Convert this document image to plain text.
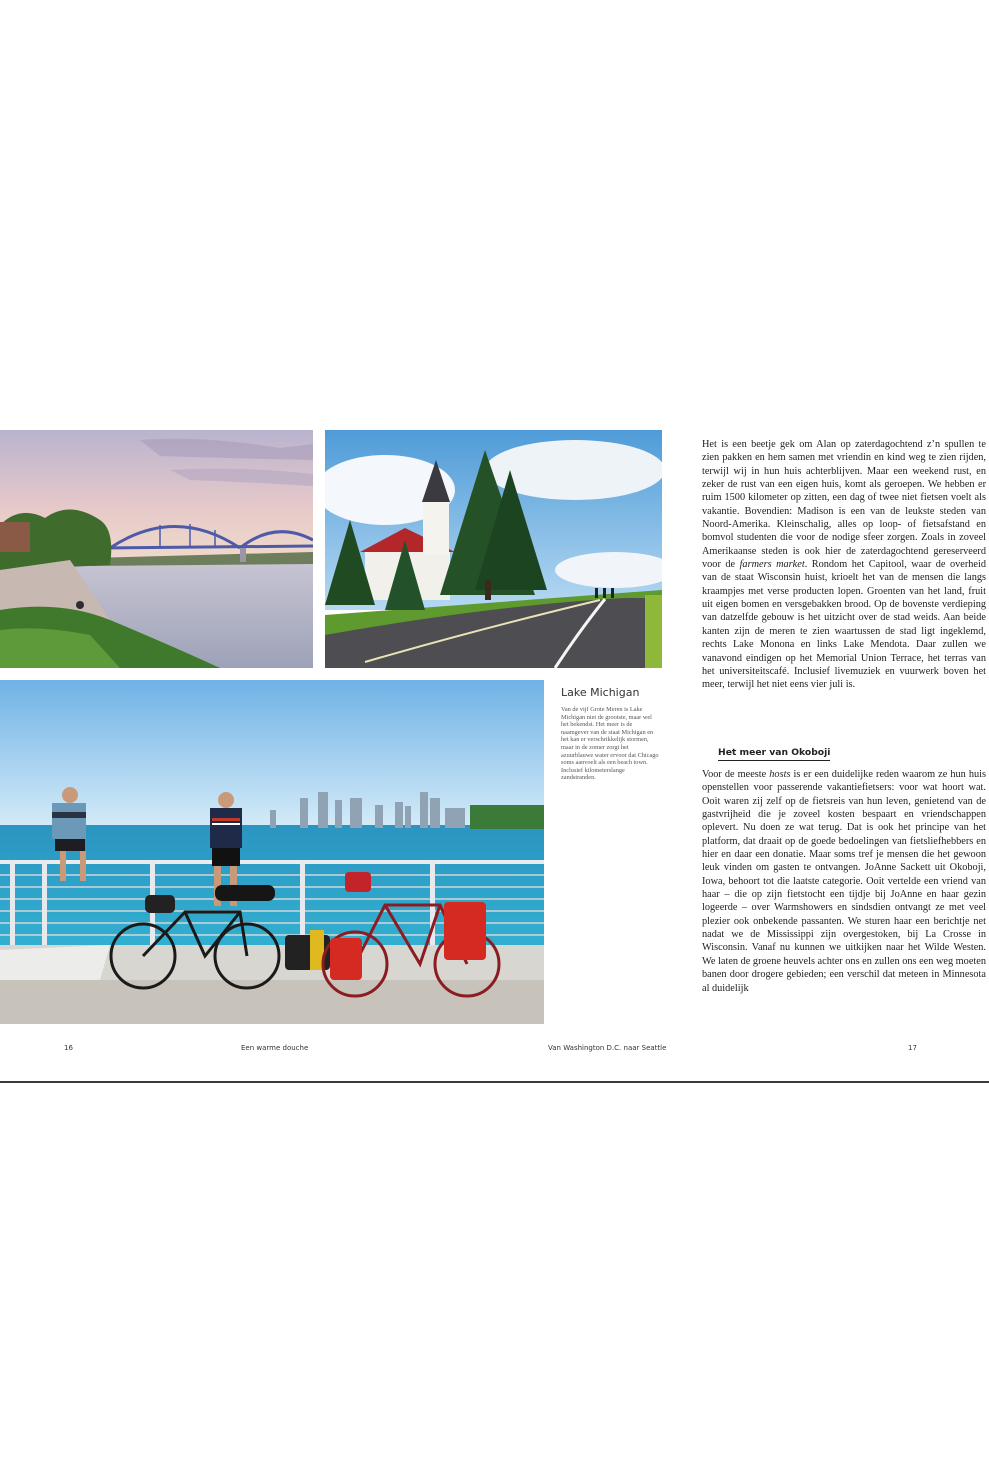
Lake Michigan
Van de vijf Grote Meren is Lake Michigan niet de grootste, maar wel het bekendst. Het meer is de naamgever van de staat Michigan en het kan er verschrikkelijk stormen, maar in de zomer zorgt het azuurblauwe water ervoor dat Chicago soms aanvoelt als een beach town. Inclusief kilometerslange zandstranden.

Het is een beetje gek om Alan op zaterdagochtend z’n spullen te zien pakken en hem samen met vriendin en kind weg te zien rijden, terwijl wij in hun huis achterblijven. Maar een weekend rust, en zeker de rust van een eigen huis, komt als geroepen. We hebben er ruim 1500 kilometer op zitten, een dag of twee niet fietsen voelt als vakantie. Bovendien: Madison is een van de leukste steden van Noord-Amerika. Kleinschalig, alles op loop- of fietsafstand en bomvol studenten die voor de nodige sfeer zorgen. Zoals in zoveel Amerikaanse steden is ook hier de zaterdagochtend gereserveerd voor de farmers market. Rondom het Capitool, waar de overheid van de staat Wisconsin huist, krioelt het van de mensen die langs kraampjes met verse producten lopen. Groenten van het land, fruit uit eigen bomen en versgebakken brood. Op de bovenste verdieping van datzelfde gebouw is het uitzicht over de stad weids. Aan beide kanten zijn de meren te zien waartussen de stad ligt ingeklemd, rechts Lake Monona en links Lake Mendota. Daar zullen we vanavond eindigen op het Memorial Union Terrace, het terras van het universiteitscafé. Inclusief livemuziek en vuurwerk boven het meer, terwijl het niet eens vier juli is.

Het meer van Okoboji

Voor de meeste hosts is er een duidelijke reden waarom ze hun huis openstellen voor passerende vakantiefietsers: voor wat hoort wat. Ooit waren zij zelf op de fietsreis van hun leven, genietend van de gastvrijheid die je zoveel kosten bespaart en vriendschappen oplevert. Nu doen ze wat terug. Dat is ook het principe van het platform, dat draait op de goede bedoelingen van fietsliefhebbers en hier en daar een donatie. Maar soms tref je mensen die het gewoon leuk vinden om gasten te ontvangen. JoAnne Sackett uit Okoboji, Iowa, behoort tot die laatste categorie. Ooit vertelde een vriend van haar – die op zijn fietstocht een tijdje bij JoAnne en haar gezin logeerde – over Warmshowers en sindsdien ontvangt ze met veel plezier ook onbekende passanten. We sturen haar een berichtje net nadat we de Mississippi zijn overgestoken, bij La Crosse in Wisconsin. Vanaf nu kunnen we uitkijken naar het Wilde Westen. We laten de groene heuvels achter ons en zullen ons een weg moeten banen door drogere gebieden; een verschil dat meteen in Minnesota al duidelijk

16	Een warme douche	Van Washington D.C. naar Seattle	17
